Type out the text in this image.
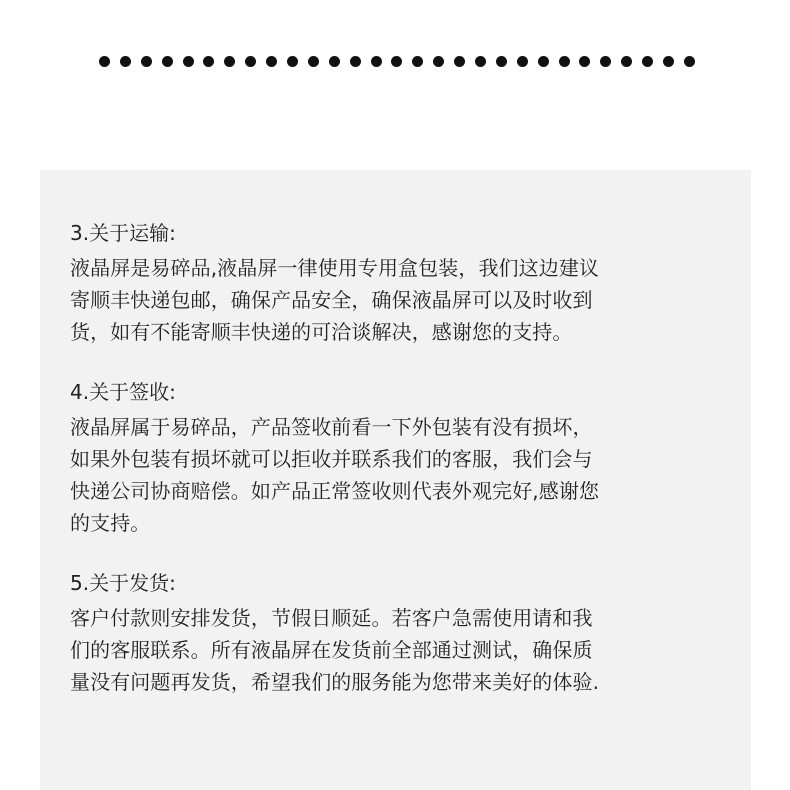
3.关于运输:
液晶屏是易碎品,液晶屏一律使用专用盒包装，我们这边建议
寄顺丰快递包邮，确保产品安全，确保液晶屏可以及时收到
货，如有不能寄顺丰快递的可洽谈解决，感谢您的支持。
4.关于签收:
液晶屏属于易碎品，产品签收前看一下外包装有没有损坏，
如果外包装有损坏就可以拒收并联系我们的客服，我们会与
快递公司协商赔偿。如产品正常签收则代表外观完好,感谢您
的支持。
5.关于发货:
客户付款则安排发货，节假日顺延。若客户急需使用请和我
们的客服联系。所有液晶屏在发货前全部通过测试，确保质
量没有问题再发货，希望我们的服务能为您带来美好的体验.
